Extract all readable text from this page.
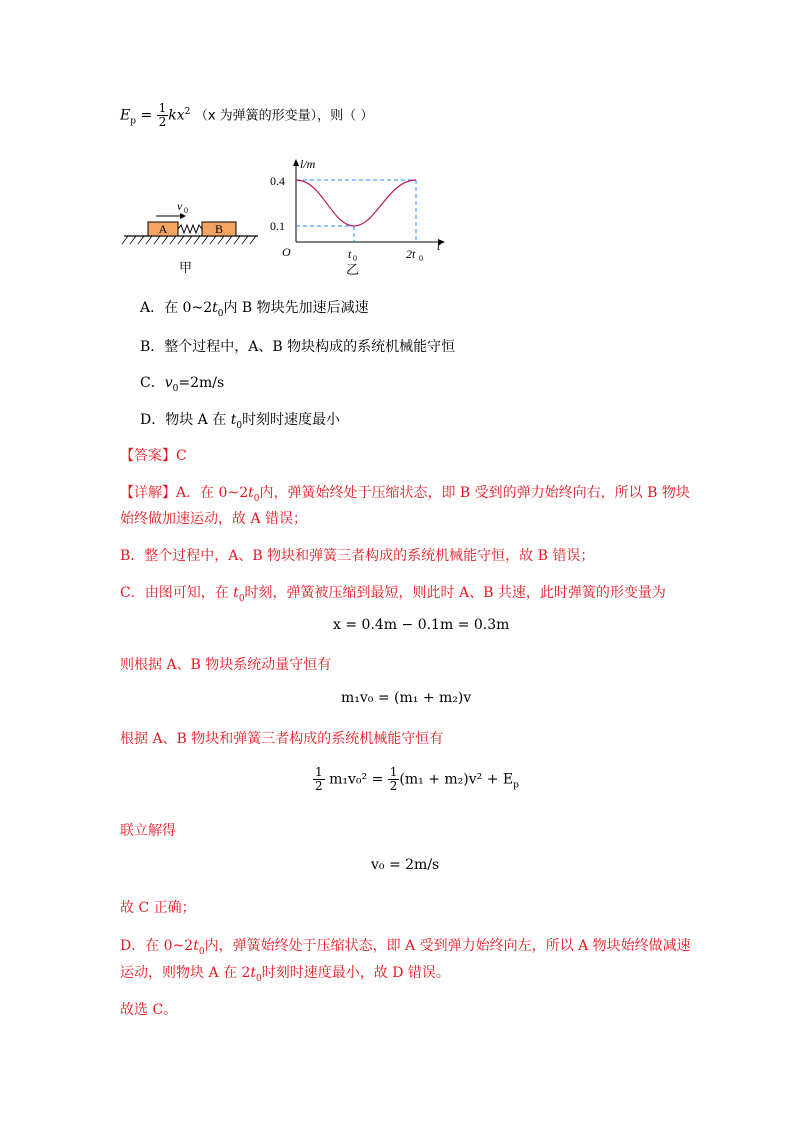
$E_p = \frac{1}{2} kx^2$ （x 为弹簧的形变量），则（ ）
A	B
v 0
甲
l/m
t
O
0.4
0.1
t 0	2t 0
乙
A．在 $0\sim 2t_0$内 B 物块先加速后减速
B．整个过程中，A、B 物块构成的系统机械能守恒
C．$v_0=2m/s$
D．物块 A 在 $t_0$时刻时速度最小
【答案】C
【详解】A．在 $0\sim 2t_0$内，弹簧始终处于压缩状态，即 B 受到的弹力始终向右，所以 B 物块
始终做加速运动，故 A 错误；
B．整个过程中，A、B 物块和弹簧三者构成的系统机械能守恒，故 B 错误；
C．由图可知，在 $t_0$时刻，弹簧被压缩到最短，则此时 A、B 共速，此时弹簧的形变量为
x = 0.4m − 0.1m = 0.3m
则根据 A、B 物块系统动量守恒有
m₁v₀ = (m₁ + m₂)v
根据 A、B 物块和弹簧三者构成的系统机械能守恒有
$\frac{1}{2} m_1v_0^2 = \frac{1}{2} (m_1 + m_2)v^2 + E_p$
联立解得
v₀ = 2m/s
故 C 正确；
D．在 $0\sim 2t_0$内，弹簧始终处于压缩状态，即 A 受到弹力始终向左，所以 A 物块始终做减速
运动，则物块 A 在 $2t_0$时刻时速度最小，故 D 错误。
故选 C。
